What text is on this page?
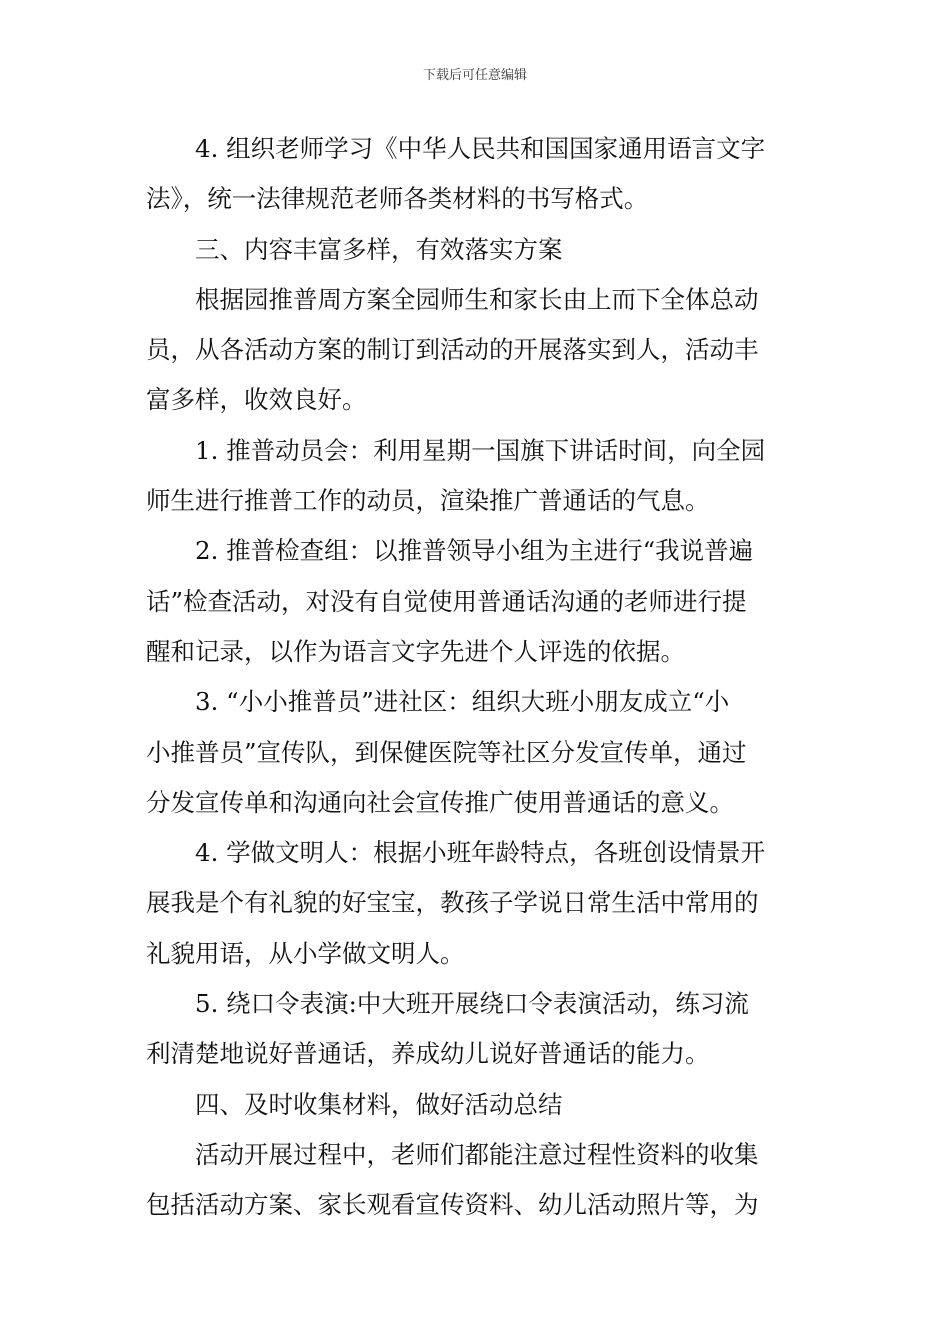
下载后可任意编辑
4. 组织老师学习《中华人民共和国国家通用语言文字
法》，统一法律规范老师各类材料的书写格式。
三、内容丰富多样，有效落实方案
根据园推普周方案全园师生和家长由上而下全体总动
员，从各活动方案的制订到活动的开展落实到人，活动丰
富多样，收效良好。
1. 推普动员会：利用星期一国旗下讲话时间，向全园
师生进行推普工作的动员，渲染推广普通话的气息。
2. 推普检查组：以推普领导小组为主进行“我说普遍
话”检查活动，对没有自觉使用普通话沟通的老师进行提
醒和记录，以作为语言文字先进个人评选的依据。
3. “小小推普员”进社区：组织大班小朋友成立“小
小推普员”宣传队，到保健医院等社区分发宣传单，通过
分发宣传单和沟通向社会宣传推广使用普通话的意义。
4. 学做文明人：根据小班年龄特点，各班创设情景开
展我是个有礼貌的好宝宝，教孩子学说日常生活中常用的
礼貌用语，从小学做文明人。
5. 绕口令表演:中大班开展绕口令表演活动，练习流
利清楚地说好普通话，养成幼儿说好普通话的能力。
四、及时收集材料，做好活动总结
活动开展过程中，老师们都能注意过程性资料的收集
包括活动方案、家长观看宣传资料、幼儿活动照片等，为
